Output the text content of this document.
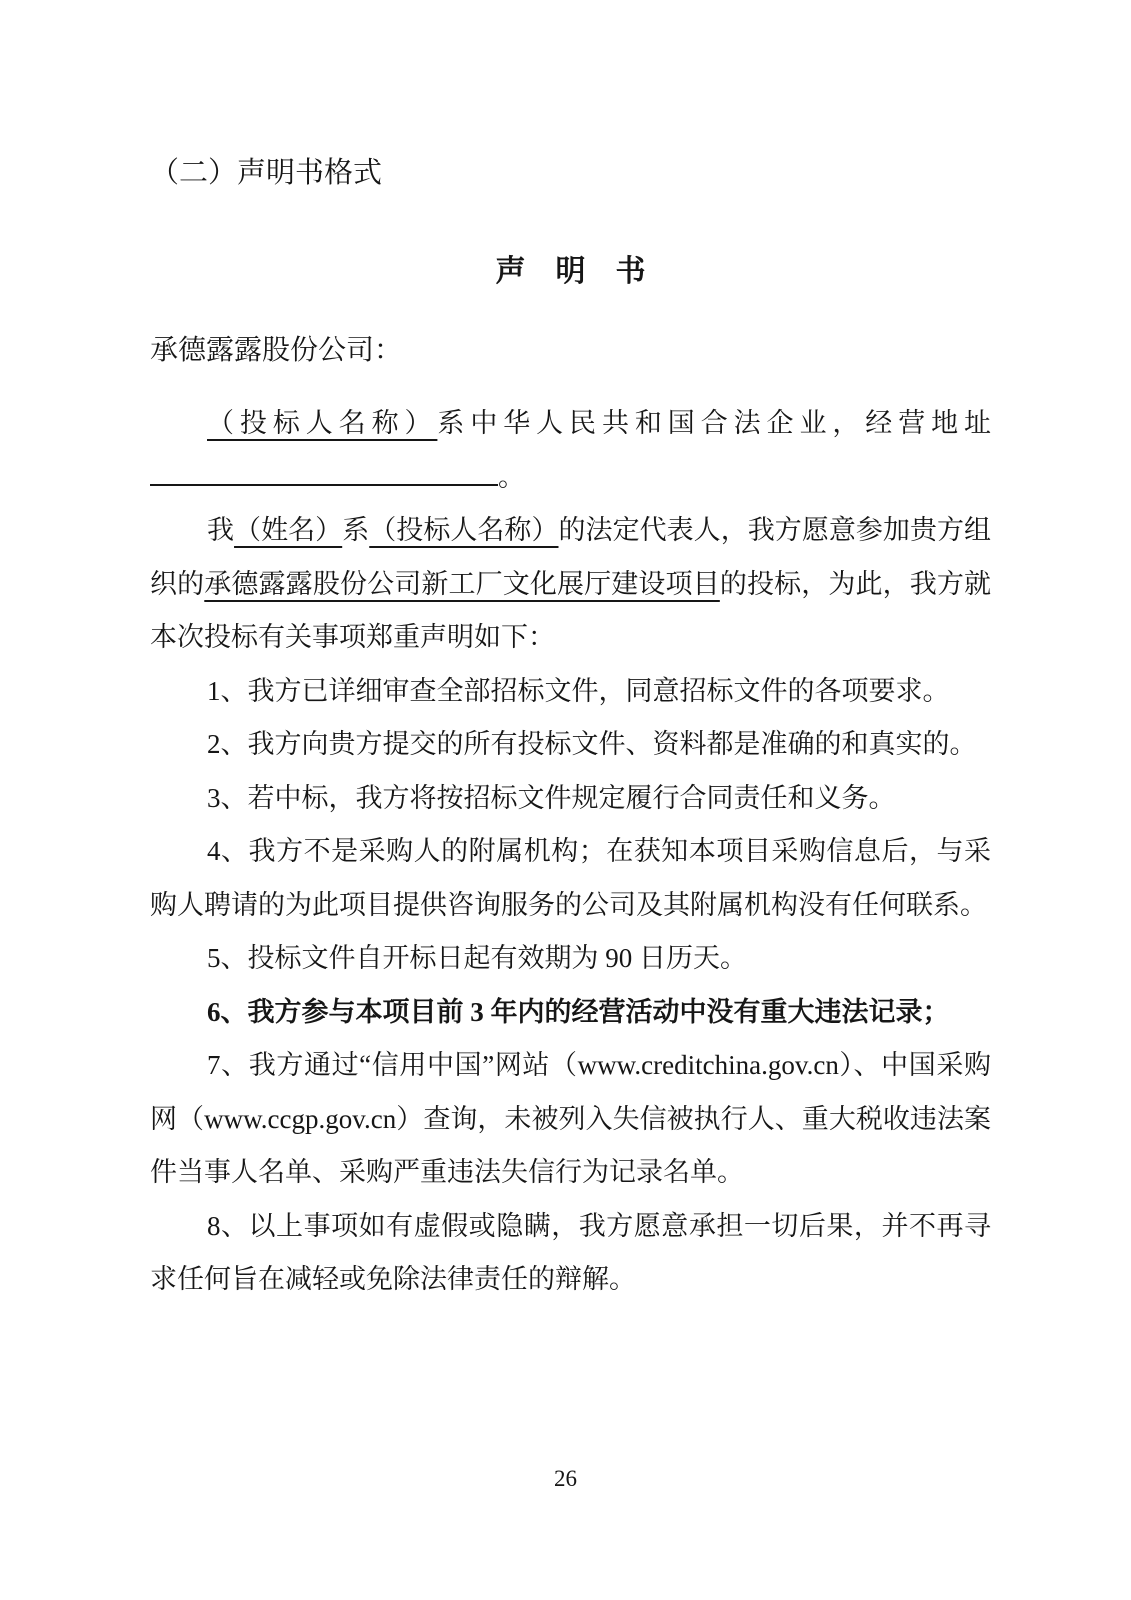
（二）声明书格式
声　明　书
承德露露股份公司：

（投标人名称）系中华人民共和国合法企业，经营地址。

我（姓名）系（投标人名称）的法定代表人，我方愿意参加贵方组织的承德露露股份公司新工厂文化展厅建设项目的投标，为此，我方就本次投标有关事项郑重声明如下：

1、我方已详细审查全部招标文件，同意招标文件的各项要求。

2、我方向贵方提交的所有投标文件、资料都是准确的和真实的。

3、若中标，我方将按招标文件规定履行合同责任和义务。

4、我方不是采购人的附属机构；在获知本项目采购信息后，与采购人聘请的为此项目提供咨询服务的公司及其附属机构没有任何联系。

5、投标文件自开标日起有效期为 90 日历天。

6、我方参与本项目前 3 年内的经营活动中没有重大违法记录；

7、我方通过“信用中国”网站（www.creditchina.gov.cn）、中国采购网（www.ccgp.gov.cn）查询，未被列入失信被执行人、重大税收违法案件当事人名单、采购严重违法失信行为记录名单。

8、以上事项如有虚假或隐瞒，我方愿意承担一切后果，并不再寻求任何旨在减轻或免除法律责任的辩解。

26
